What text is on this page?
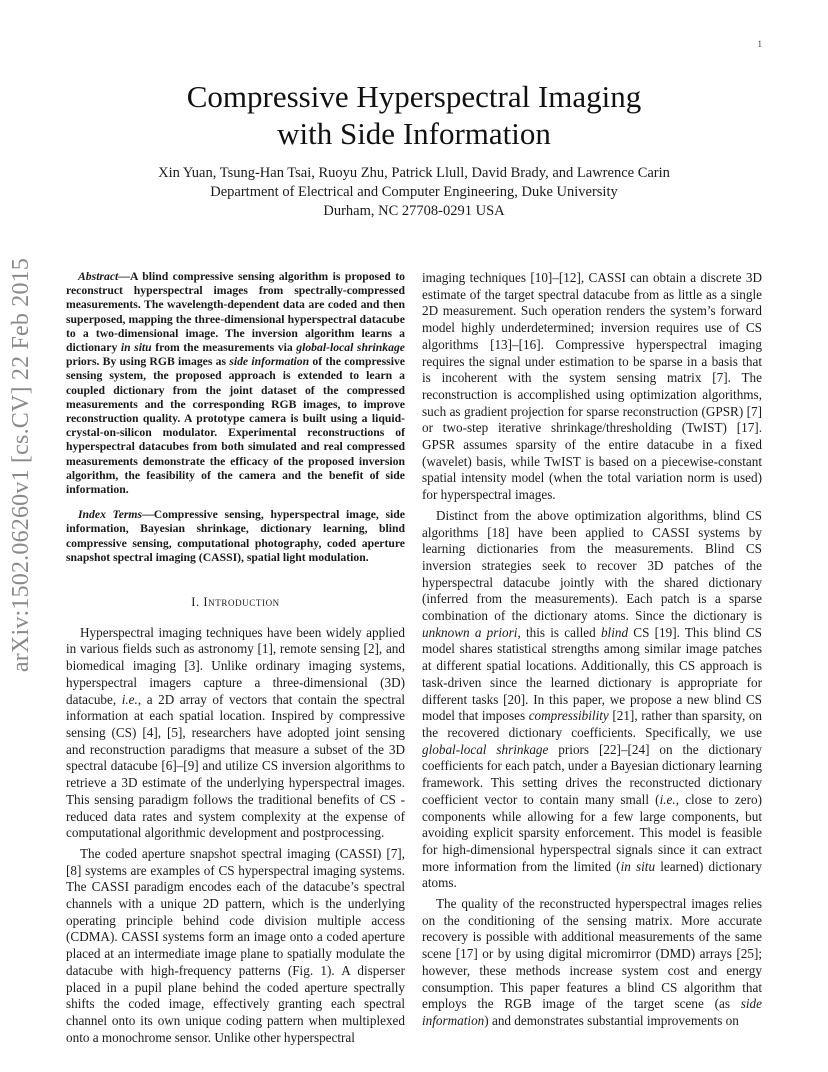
1
arXiv:1502.06260v1 [cs.CV] 22 Feb 2015
Compressive Hyperspectral Imaging
with Side Information
Xin Yuan, Tsung-Han Tsai, Ruoyu Zhu, Patrick Llull, David Brady, and Lawrence Carin
Department of Electrical and Computer Engineering, Duke University
Durham, NC 27708-0291 USA

Abstract—A blind compressive sensing algorithm is proposed to reconstruct hyperspectral images from spectrally-compressed measurements. The wavelength-dependent data are coded and then superposed, mapping the three-dimensional hyperspectral datacube to a two-dimensional image. The inversion algorithm learns a dictionary in situ from the measurements via global-local shrinkage priors. By using RGB images as side information of the compressive sensing system, the proposed approach is extended to learn a coupled dictionary from the joint dataset of the compressed measurements and the corresponding RGB images, to improve reconstruction quality. A prototype camera is built using a liquid-crystal-on-silicon modulator. Experimental reconstructions of hyperspectral datacubes from both simulated and real compressed measurements demonstrate the efficacy of the proposed inversion algorithm, the feasibility of the camera and the benefit of side information.

Index Terms—Compressive sensing, hyperspectral image, side information, Bayesian shrinkage, dictionary learning, blind compressive sensing, computational photography, coded aperture snapshot spectral imaging (CASSI), spatial light modulation.

I. Introduction

Hyperspectral imaging techniques have been widely applied in various fields such as astronomy [1], remote sensing [2], and biomedical imaging [3]. Unlike ordinary imaging systems, hyperspectral imagers capture a three-dimensional (3D) datacube, i.e., a 2D array of vectors that contain the spectral information at each spatial location. Inspired by compressive sensing (CS) [4], [5], researchers have adopted joint sensing and reconstruction paradigms that measure a subset of the 3D spectral datacube [6]–[9] and utilize CS inversion algorithms to retrieve a 3D estimate of the underlying hyperspectral images. This sensing paradigm follows the traditional benefits of CS - reduced data rates and system complexity at the expense of computational algorithmic development and postprocessing.

The coded aperture snapshot spectral imaging (CASSI) [7], [8] systems are examples of CS hyperspectral imaging systems. The CASSI paradigm encodes each of the datacube’s spectral channels with a unique 2D pattern, which is the underlying operating principle behind code division multiple access (CDMA). CASSI systems form an image onto a coded aperture placed at an intermediate image plane to spatially modulate the datacube with high-frequency patterns (Fig. 1). A disperser placed in a pupil plane behind the coded aperture spectrally shifts the coded image, effectively granting each spectral channel onto its own unique coding pattern when multiplexed onto a monochrome sensor. Unlike other hyperspectral

imaging techniques [10]–[12], CASSI can obtain a discrete 3D estimate of the target spectral datacube from as little as a single 2D measurement. Such operation renders the system’s forward model highly underdetermined; inversion requires use of CS algorithms [13]–[16]. Compressive hyperspectral imaging requires the signal under estimation to be sparse in a basis that is incoherent with the system sensing matrix [7]. The reconstruction is accomplished using optimization algorithms, such as gradient projection for sparse reconstruction (GPSR) [7] or two-step iterative shrinkage/thresholding (TwIST) [17]. GPSR assumes sparsity of the entire datacube in a fixed (wavelet) basis, while TwIST is based on a piecewise-constant spatial intensity model (when the total variation norm is used) for hyperspectral images.

Distinct from the above optimization algorithms, blind CS algorithms [18] have been applied to CASSI systems by learning dictionaries from the measurements. Blind CS inversion strategies seek to recover 3D patches of the hyperspectral datacube jointly with the shared dictionary (inferred from the measurements). Each patch is a sparse combination of the dictionary atoms. Since the dictionary is unknown a priori, this is called blind CS [19]. This blind CS model shares statistical strengths among similar image patches at different spatial locations. Additionally, this CS approach is task-driven since the learned dictionary is appropriate for different tasks [20]. In this paper, we propose a new blind CS model that imposes compressibility [21], rather than sparsity, on the recovered dictionary coefficients. Specifically, we use global-local shrinkage priors [22]–[24] on the dictionary coefficients for each patch, under a Bayesian dictionary learning framework. This setting drives the reconstructed dictionary coefficient vector to contain many small (i.e., close to zero) components while allowing for a few large components, but avoiding explicit sparsity enforcement. This model is feasible for high-dimensional hyperspectral signals since it can extract more information from the limited (in situ learned) dictionary atoms.

The quality of the reconstructed hyperspectral images relies on the conditioning of the sensing matrix. More accurate recovery is possible with additional measurements of the same scene [17] or by using digital micromirror (DMD) arrays [25]; however, these methods increase system cost and energy consumption. This paper features a blind CS algorithm that employs the RGB image of the target scene (as side information) and demonstrates substantial improvements on
